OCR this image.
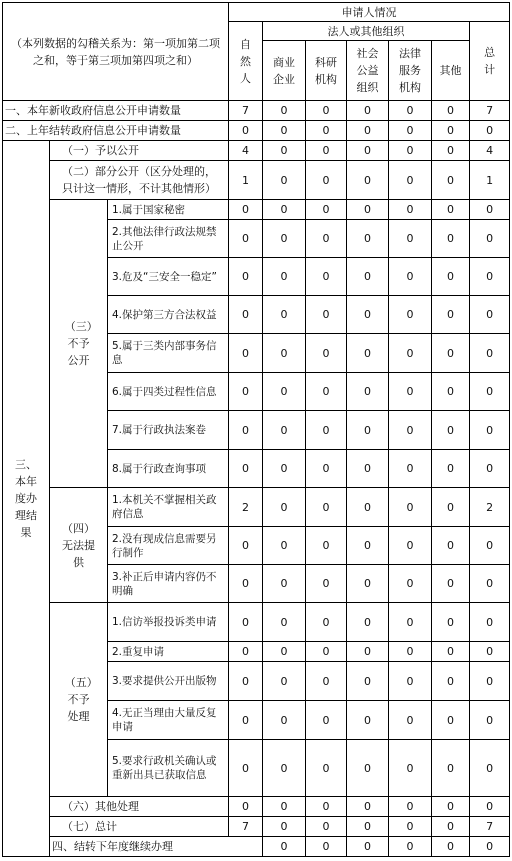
（本列数据的勾稽关系为：第一项加第二项之和，等于第三项加第四项之和）			申请人情况							
			自然人	法人或其他组织					总计	
				商业企业	科研机构	社会公益组织	法律服务机构	其他		
一、本年新收政府信息公开申请数量			7	0	0	0	0	0	7	
二、上年结转政府信息公开申请数量			0	0	0	0	0	0	0	
三、本年度办理结果	（一）予以公开		4	0	0	0	0	0	4	
	（二）部分公开（区分处理的，只计这一情形，不计其他情形）		1	0	0	0	0	0	1	
	（三）不予公开	1.属于国家秘密	0	0	0	0	0	0	0	
		2.其他法律行政法规禁止公开	0	0	0	0	0	0	0	
		3.危及“三安全一稳定”	0	0	0	0	0	0	0	
		4.保护第三方合法权益	0	0	0	0	0	0	0	
		5.属于三类内部事务信息	0	0	0	0	0	0	0	
		6.属于四类过程性信息	0	0	0	0	0	0	0	
		7.属于行政执法案卷	0	0	0	0	0	0	0	
		8.属于行政查询事项	0	0	0	0	0	0	0	
	（四）无法提供	1.本机关不掌握相关政府信息	2	0	0	0	0	0	2	
		2.没有现成信息需要另行制作	0	0	0	0	0	0	0	
		3.补正后申请内容仍不明确	0	0	0	0	0	0	0	
	（五）不予处理	1.信访举报投诉类申请	0	0	0	0	0	0	0	
		2.重复申请	0	0	0	0	0	0	0	
		3.要求提供公开出版物	0	0	0	0	0	0	0	
		4.无正当理由大量反复申请	0	0	0	0	0	0	0	
		5.要求行政机关确认或重新出具已获取信息	0	0	0	0	0	0	0	
	（六）其他处理		0	0	0	0	0	0	0	
	（七）总计		7	0	0	0	0	0	7	
	四、结转下年度继续办理			0	0	0	0	0	0	
